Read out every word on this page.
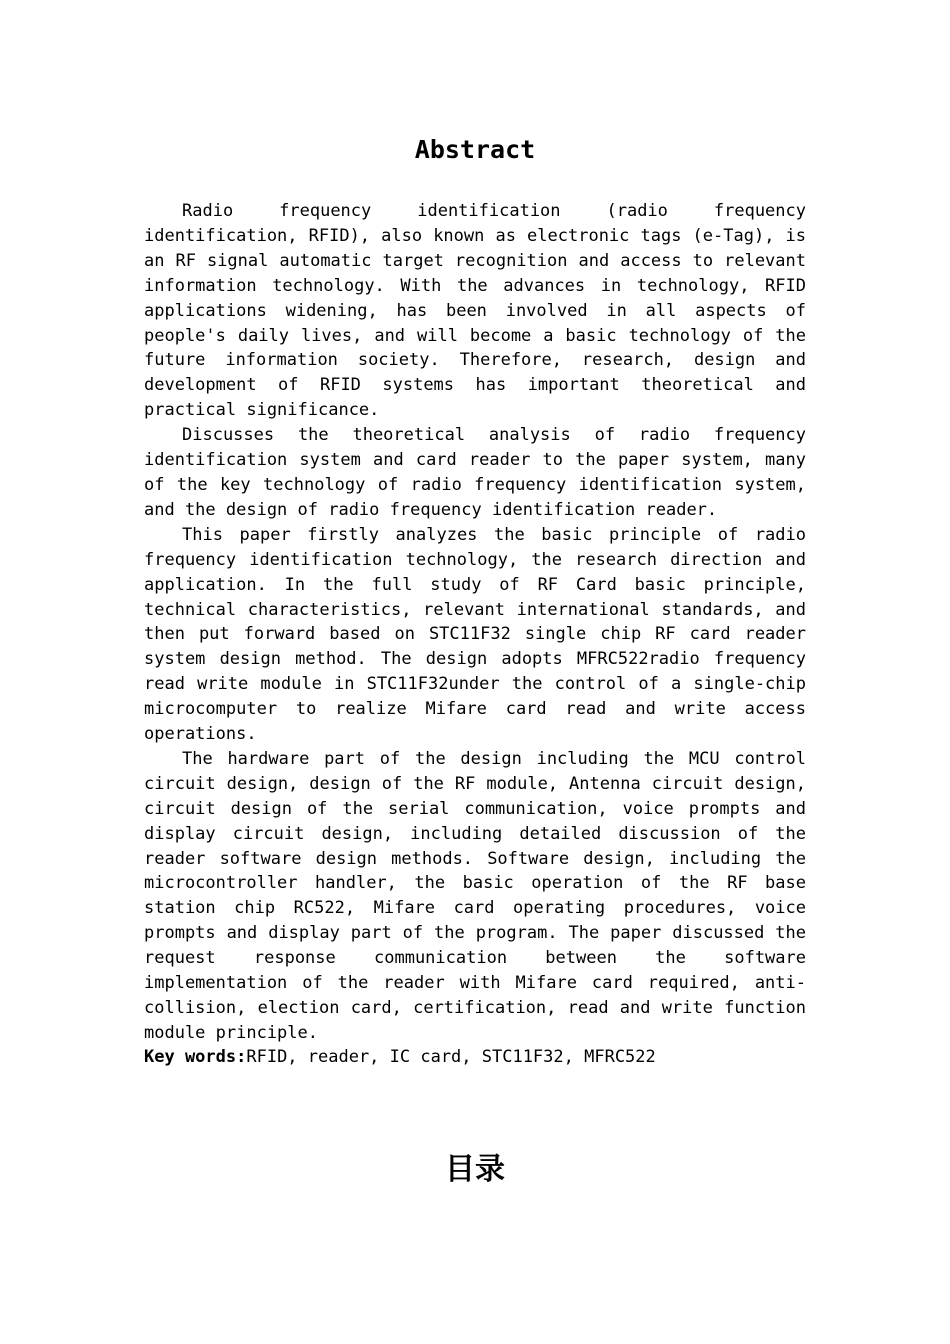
Abstract

Radio frequency identification (radio frequency identification, RFID), also known as electronic tags (e-Tag), is an RF signal automatic target recognition and access to relevant information technology. With the advances in technology, RFID applications widening, has been involved in all aspects of people's daily lives, and will become a basic technology of the future information society. Therefore, research, design and development of RFID systems has important theoretical and practical significance.

Discusses the theoretical analysis of radio frequency identification system and card reader to the paper system, many of the key technology of radio frequency identification system, and the design of radio frequency identification reader.

This paper firstly analyzes the basic principle of radio frequency identification technology, the research direction and application. In the full study of RF Card basic principle, technical characteristics, relevant international standards, and then put forward based on STC11F32 single chip RF card reader system design method. The design adopts MFRC522radio frequency read write module in STC11F32under the control of a single-chip microcomputer to realize Mifare card read and write access operations.

The hardware part of the design including the MCU control circuit design, design of the RF module, Antenna circuit design, circuit design of the serial communication, voice prompts and display circuit design, including detailed discussion of the reader software design methods. Software design, including the microcontroller handler, the basic operation of the RF base station chip RC522, Mifare card operating procedures, voice prompts and display part of the program. The paper discussed the request response communication between the software implementation of the reader with Mifare card required, anti-collision, election card, certification, read and write function module principle.

Key words:RFID, reader, IC card, STC11F32, MFRC522

目录
